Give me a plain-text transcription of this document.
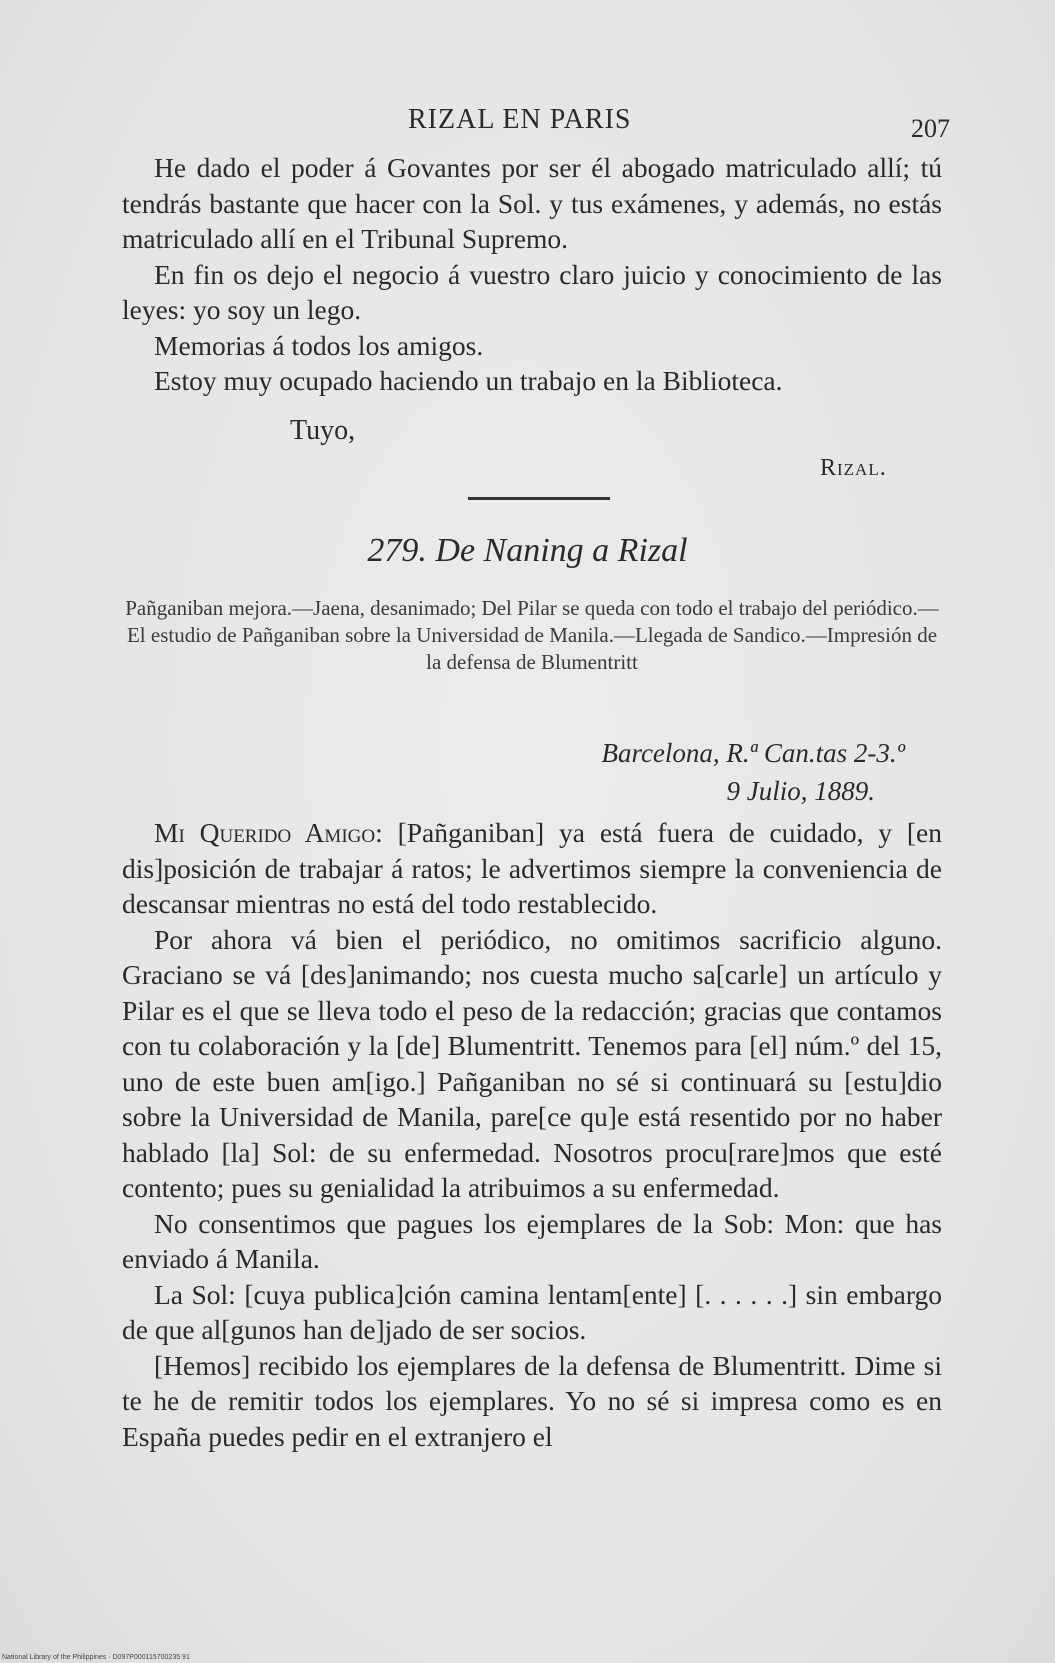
RIZAL EN PARIS	207

He dado el poder á Govantes por ser él abogado matriculado allí; tú tendrás bastante que hacer con la Sol. y tus exámenes, y además, no estás matriculado allí en el Tribunal Supremo.

En fin os dejo el negocio á vuestro claro juicio y conocimiento de las leyes: yo soy un lego.

Memorias á todos los amigos.

Estoy muy ocupado haciendo un trabajo en la Biblioteca.

Tuyo,
Rizal.
279. De Naning a Rizal
Pañganiban mejora.—Jaena, desanimado; Del Pilar se queda con todo el trabajo del periódico.—El estudio de Pañganiban sobre la Universidad de Manila.—Llegada de Sandico.—Impresión de la defensa de Blumentritt
Barcelona, R.ª Can.tas 2-3.º
9 Julio, 1889.

Mi Querido Amigo: [Pañganiban] ya está fuera de cuidado, y [en dis]posición de trabajar á ratos; le advertimos siempre la conveniencia de descansar mientras no está del todo restablecido.

Por ahora vá bien el periódico, no omitimos sacrificio alguno. Graciano se vá [des]animando; nos cuesta mucho sa[carle] un artículo y Pilar es el que se lleva todo el peso de la redacción; gracias que contamos con tu colaboración y la [de] Blumentritt. Tenemos para [el] núm.º del 15, uno de este buen am[igo.] Pañganiban no sé si continuará su [estu]dio sobre la Universidad de Manila, pare[ce qu]e está resentido por no haber hablado [la] Sol: de su enfermedad. Nosotros procu[rare]mos que esté contento; pues su genialidad la atribuimos a su enfermedad.

No consentimos que pagues los ejemplares de la Sob: Mon: que has enviado á Manila.

La Sol: [cuya publica]ción camina lentam[ente] [. . . . . .] sin embargo de que al[gunos han de]jado de ser socios.

[Hemos] recibido los ejemplares de la defensa de Blumentritt. Dime si te he de remitir todos los ejemplares. Yo no sé si impresa como es en España puedes pedir en el extranjero el

National Library of the Philippines · D097P000115700235 91
